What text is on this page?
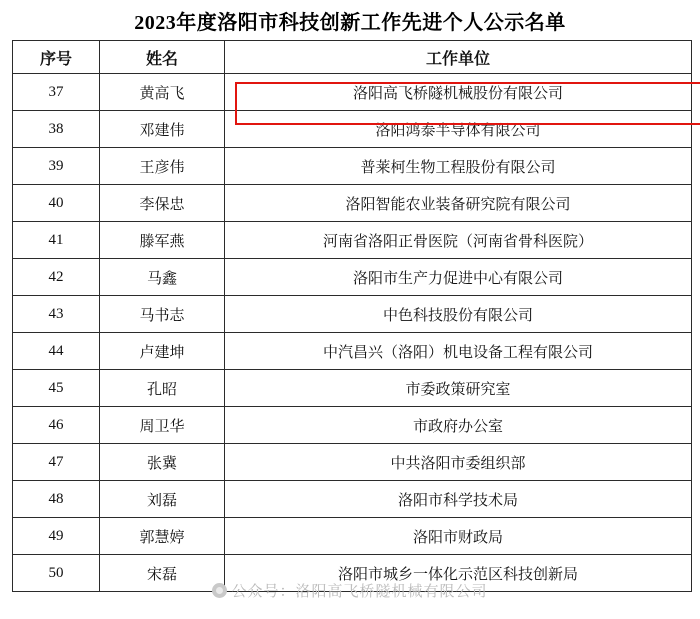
2023年度洛阳市科技创新工作先进个人公示名单
序号	姓名	工作单位
37	黄高飞	洛阳高飞桥隧机械股份有限公司

38	邓建伟	洛阳鸿泰半导体有限公司
39	王彦伟	普莱柯生物工程股份有限公司
40	李保忠	洛阳智能农业装备研究院有限公司
41	滕军燕	河南省洛阳正骨医院（河南省骨科医院）
42	马鑫	洛阳市生产力促进中心有限公司
43	马书志	中色科技股份有限公司
44	卢建坤	中汽昌兴（洛阳）机电设备工程有限公司
45	孔昭	市委政策研究室
46	周卫华	市政府办公室
47	张冀	中共洛阳市委组织部
48	刘磊	洛阳市科学技术局
49	郭慧婷	洛阳市财政局
50	宋磊	洛阳市城乡一体化示范区科技创新局
公众号：洛阳高飞桥隧机械有限公司
